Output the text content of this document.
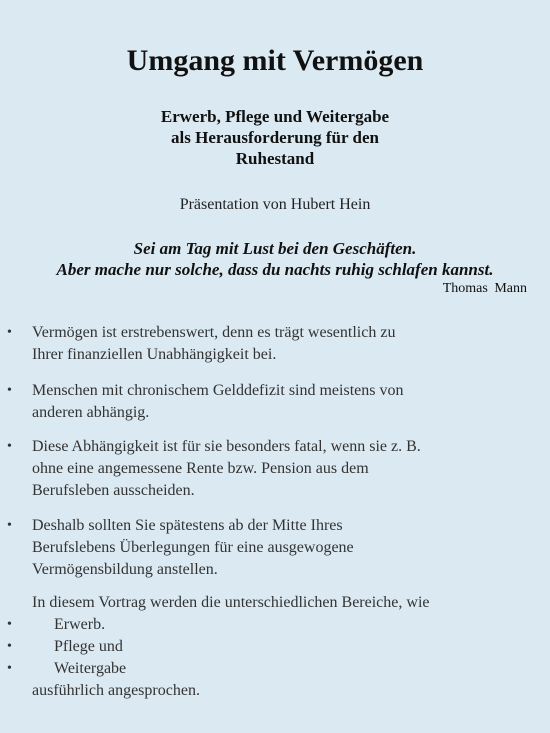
Umgang mit Vermögen
Erwerb, Pflege und Weitergabe
als Herausforderung für den
Ruhestand
Präsentation von Hubert Hein
Sei am Tag mit Lust bei den Geschäften.
Aber mache nur solche, dass du nachts ruhig schlafen kannst.
Thomas Mann
• Vermögen ist erstrebenswert, denn es trägt wesentlich zu
Ihrer finanziellen Unabhängigkeit bei.
• Menschen mit chronischem Gelddefizit sind meistens von
anderen abhängig.
• Diese Abhängigkeit ist für sie besonders fatal, wenn sie z. B.
ohne eine angemessene Rente bzw. Pension aus dem
Berufsleben ausscheiden.
• Deshalb sollten Sie spätestens ab der Mitte Ihres
Berufslebens Überlegungen für eine ausgewogene
Vermögensbildung anstellen.
In diesem Vortrag werden die unterschiedlichen Bereiche, wie
•	Erwerb.
•	Pflege und
•	Weitergabe
ausführlich angesprochen.
